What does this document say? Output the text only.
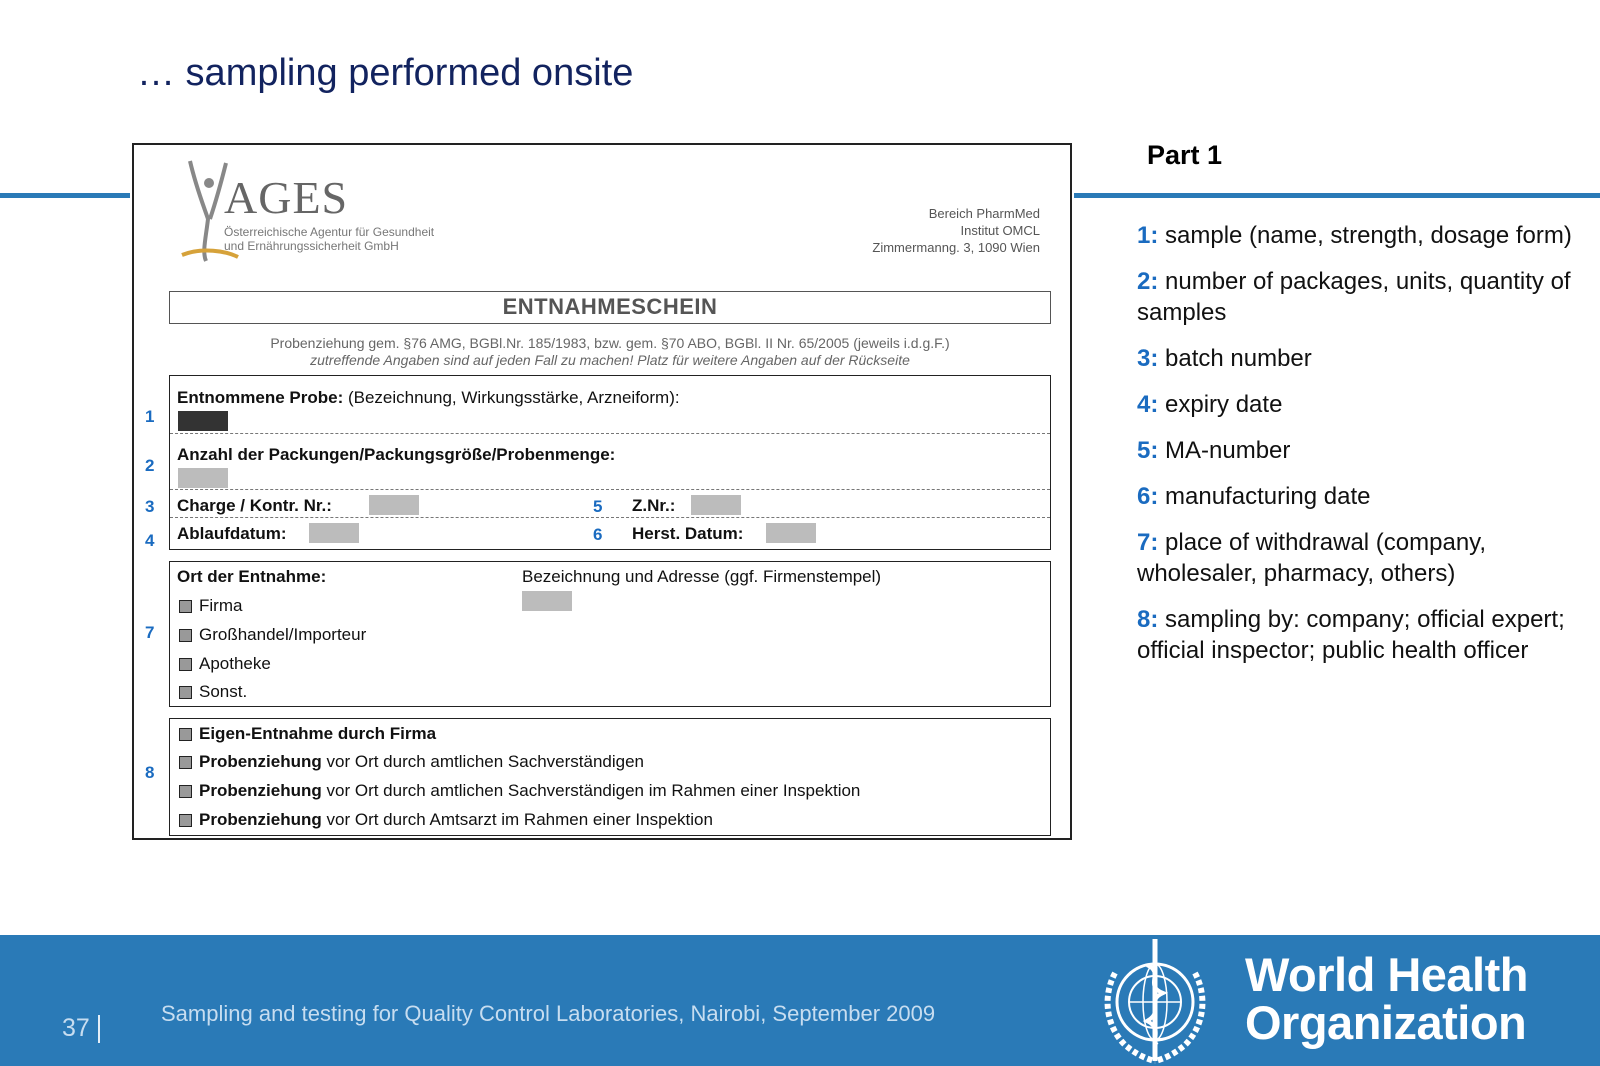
… sampling performed onsite
AGES
Österreichische Agentur für Gesundheit
und Ernährungssicherheit GmbH
Bereich PharmMed
Institut OMCL
Zimmermanng. 3, 1090 Wien
ENTNAHMESCHEIN
Probenziehung gem. §76 AMG, BGBl.Nr. 185/1983, bzw. gem. §70 ABO, BGBl. II Nr. 65/2005 (jeweils i.d.g.F.)
zutreffende Angaben sind auf jeden Fall zu machen! Platz für weitere Angaben auf der Rückseite
Entnommene Probe: (Bezeichnung, Wirkungsstärke, Arzneiform):
Anzahl der Packungen/Packungsgröße/Probenmenge:
Charge / Kontr. Nr.:	Z.Nr.:
Ablaufdatum:	Herst. Datum:
Ort der Entnahme:	Bezeichnung und Adresse (ggf. Firmenstempel)
Firma
Großhandel/Importeur
Apotheke
Sonst.
Eigen-Entnahme durch Firma
Probenziehung vor Ort durch amtlichen Sachverständigen
Probenziehung vor Ort durch amtlichen Sachverständigen im Rahmen einer Inspektion
Probenziehung vor Ort durch Amtsarzt im Rahmen einer Inspektion
1
2
3
4
5
6
7
8
Part 1
1: sample (name, strength, dosage form)
2: number of packages, units, quantity of samples
3: batch number
4: expiry date
5: MA-number
6: manufacturing date
7: place of withdrawal (company, wholesaler, pharmacy, others)
8: sampling by: company; official expert; official inspector; public health officer
37
Sampling and testing for Quality Control Laboratories, Nairobi, September 2009
World Health
Organization
